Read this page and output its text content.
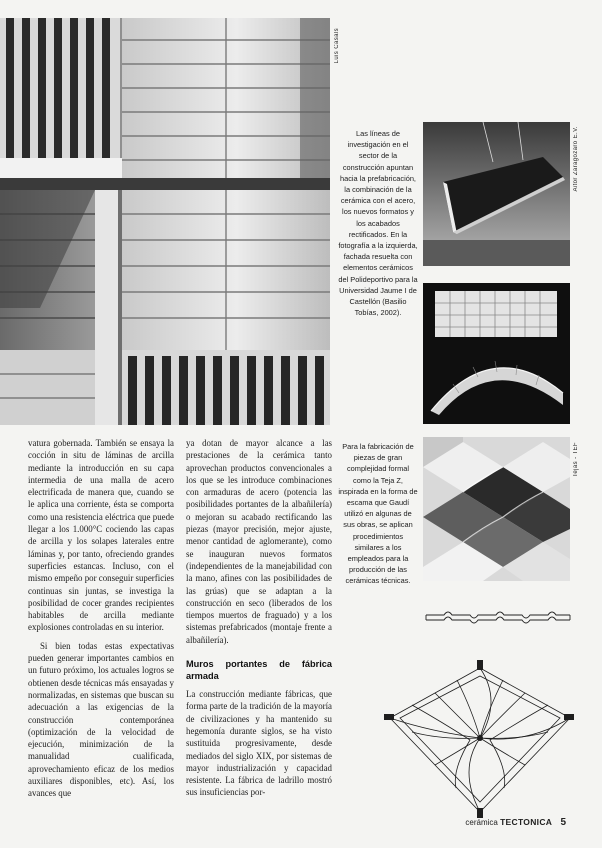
Luis Casals
Aitor Zaragozaro E.V.
Las líneas de investigación en el sector de la construcción apuntan hacia la prefabricación, la combinación de la cerámica con el acero, los nuevos formatos y los acabados rectificados. En la fotografía a la izquierda, fachada resuelta con elementos cerámicos del Polideportivo para la Universidad Jaume I de Castellón (Basilio Tobías, 2002).
Tejas - TEF
Para la fabricación de piezas de gran complejidad formal como la Teja Z, inspirada en la forma de escama que Gaudí utilizó en algunas de sus obras, se aplican procedimientos similares a los empleados para la producción de las cerámicas técnicas.

vatura gobernada. También se ensaya la cocción in situ de láminas de arcilla mediante la introducción en su capa intermedia de una malla de acero electrificada de manera que, cuando se le aplica una corriente, ésta se comporta como una resistencia eléctrica que puede llegar a los 1.000°C cociendo las capas de arcilla y los solapes laterales entre láminas y, por tanto, ofreciendo grandes superficies estancas. Incluso, con el mismo empeño por conseguir superficies continuas sin juntas, se investiga la posibilidad de cocer grandes recipientes habitables de arcilla mediante explosiones controladas en su interior.

Si bien todas estas expectativas pueden generar importantes cambios en un futuro próximo, los actuales logros se obtienen desde técnicas más ensayadas y normalizadas, en sistemas que buscan su adecuación a las exigencias de la construcción contemporánea (optimización de la velocidad de ejecución, minimización de la manualidad cualificada, aprovechamiento eficaz de los medios auxiliares disponibles, etc). Así, los avances que

ya dotan de mayor alcance a las prestaciones de la cerámica tanto aprovechan productos convencionales a los que se les introduce combinaciones con armaduras de acero (potencia las posibilidades portantes de la albañilería) o mejoran su acabado rectificando las piezas (mayor precisión, mejor ajuste, menor cantidad de aglomerante), como se inauguran nuevos formatos (independientes de la manejabilidad con la mano, afines con las posibilidades de las grúas) que se adaptan a la construcción en seco (liberados de los tiempos muertos de fraguado) y a los sistemas prefabricados (montaje frente a albañilería).

Muros portantes de fábrica armada

La construcción mediante fábricas, que forma parte de la tradición de la mayoría de civilizaciones y ha mantenido su hegemonía durante siglos, se ha visto sustituida progresivamente, desde mediados del siglo XIX, por sistemas de mayor industrialización y capacidad resistente. La fábrica de ladrillo mostró sus insuficiencias por-

cerámica TECTONICA 5
